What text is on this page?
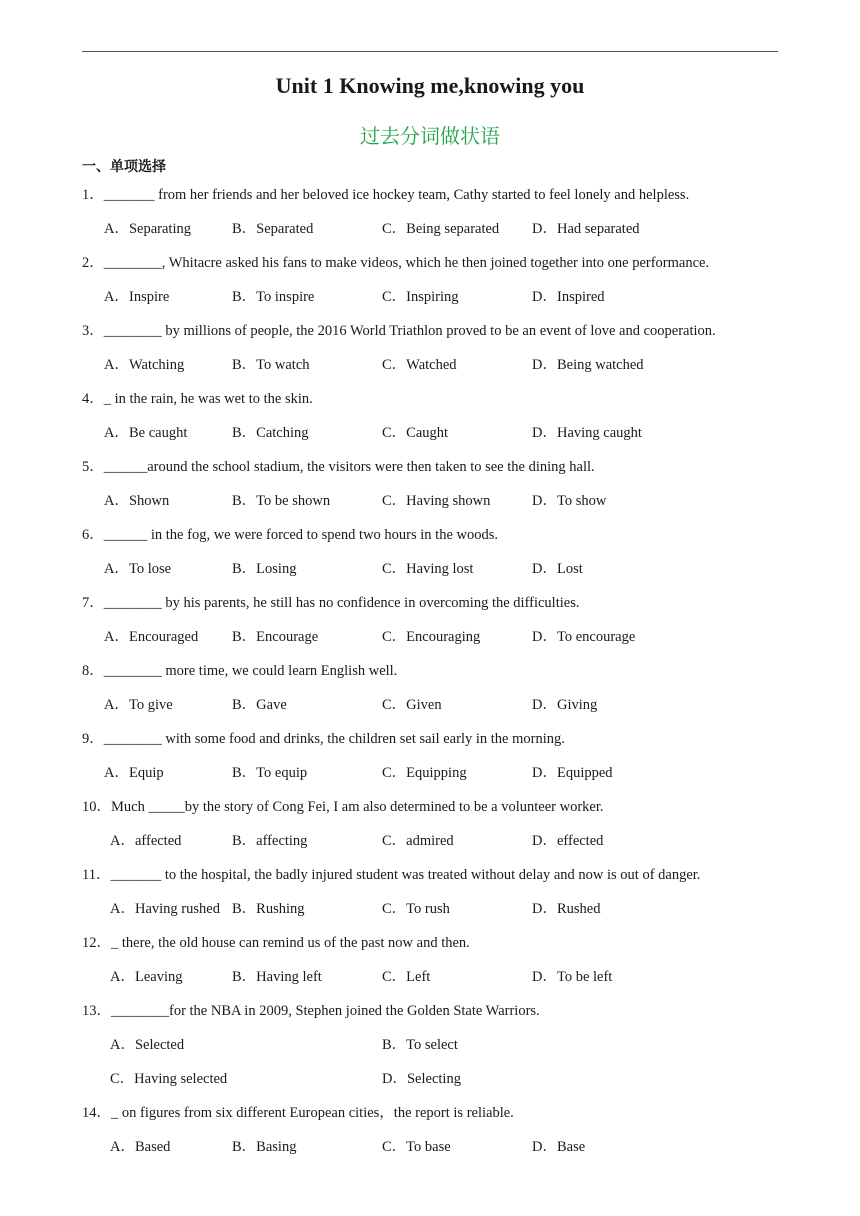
Unit 1 Knowing me,knowing you
过去分词做状语
一、单项选择
1．_______ from her friends and her beloved ice hockey team, Cathy started to feel lonely and helpless.
A．Separating	B．Separated	C．Being separated D．Had separated
2．________, Whitacre asked his fans to make videos, which he then joined together into one performance.
A．Inspire	B．To inspire	C．Inspiring	D．Inspired
3．________ by millions of people, the 2016 World Triathlon proved to be an event of love and cooperation.
A．Watching	B．To watch	C．Watched	D．Being watched
4．_ in the rain, he was wet to the skin.
A．Be caught	B．Catching	C．Caught	D．Having caught
5．______around the school stadium, the visitors were then taken to see the dining hall.
A．Shown	B．To be shown	C．Having shown	D．To show
6．______ in the fog, we were forced to spend two hours in the woods.
A．To lose	B．Losing	C．Having lost	D．Lost
7．________ by his parents, he still has no confidence in overcoming the difficulties.
A．Encouraged B．Encourage	C．Encouraging	D．To encourage
8．________ more time, we could learn English well.
A．To give	B．Gave	C．Given	D．Giving
9．________ with some food and drinks, the children set sail early in the morning.
A．Equip	B．To equip	C．Equipping	D．Equipped
10．Much _____by the story of Cong Fei, I am also determined to be a volunteer worker.
A．affected	B．affecting	C．admired	D．effected
11．_______ to the hospital, the badly injured student was treated without delay and now is out of danger.
A．Having rushed B．Rushing	C．To rush	D．Rushed
12．_ there, the old house can remind us of the past now and then.
A．Leaving	B．Having left	C．Left	D．To be left
13．________for the NBA in 2009, Stephen joined the Golden State Warriors.
A．Selected	B．To select
C．Having selected	D．Selecting
14．_ on figures from six different European cities，the report is reliable.
A．Based	B．Basing	C．To base	D．Base
